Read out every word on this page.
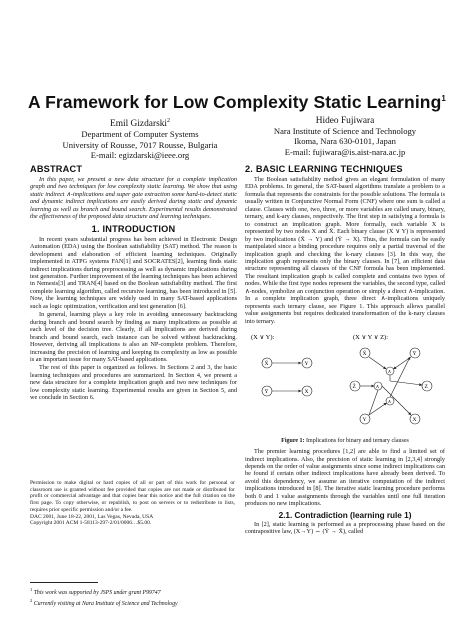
A Framework for Low Complexity Static Learning$^1$
Emil Gizdarski$^2$
Department of Computer Systems
University of Rousse, 7017 Rousse, Bulgaria
E-mail: egizdarski@ieee.org
Hideo Fujiwara
Nara Institute of Science and Technology
Ikoma, Nara 630-0101, Japan
E-mail: fujiwara@is.aist-nara.ac.jp
ABSTRACT

In this paper, we present a new data structure for a complete implication graph and two techniques for low complexity static learning. We show that using static indirect ∧-implications and super gate extraction some hard-to-detect static and dynamic indirect implications are easily derived during static and dynamic learning as well as branch and bound search. Experimental results demonstrated the effectiveness of the proposed data structure and learning techniques.

1. INTRODUCTION

In recent years substantial progress has been achieved in Electronic Design Automation (EDA) using the Boolean satisfiability (SAT) method. The reason is development and elaboration of efficient learning techniques. Originally implemented in ATPG systems FAN[1] and SOCRATES[2], learning finds static indirect implications during preprocessing as well as dynamic implications during test generation. Further improvement of the learning techniques has been achieved in Nemesis[3] and TRAN[4] based on the Boolean satisfiability method. The first complete learning algorithm, called recursive learning, has been introduced in [5]. Now, the learning techniques are widely used in many SAT-based applications such as logic optimization, verification and test generation [6].

In general, learning plays a key role in avoiding unnecessary backtracking during branch and bound search by finding as many implications as possible at each level of the decision tree. Clearly, if all implications are derived during branch and bound search, each instance can be solved without backtracking. However, deriving all implications is also an NP-complete problem. Therefore, increasing the precision of learning and keeping its complexity as low as possible is an important issue for many SAT-based applications.

The rest of this paper is organized as follows. In Sections 2 and 3, the basic learning techniques and procedures are summarized. In Section 4, we present a new data structure for a complete implication graph and two new techniques for low complexity static learning. Experimental results are given in Section 5, and we conclude in Section 6.

Permission to make digital or hard copies of all or part of this work for personal or classroom use is granted without fee provided that copies are not made or distributed for profit or commercial advantage and that copies bear this notice and the full citation on the first page. To copy otherwise, or republish, to post on servers or to redistribute to lists, requires prior specific permission and/or a fee.
DAC 2001, June 18-22, 2001, Las Vegas, Nevada, USA
Copyright 2001 ACM 1-58113-297-2/01/0006…$5.00.
$^1$ This work was supported by JSPS under grant P99747
$^2$ Currently visiting at Nara Institute of Science and Technology
2. BASIC LEARNING TECHNIQUES

The Boolean satisfiability method gives an elegant formulation of many EDA problems. In general, the SAT-based algorithms translate a problem to a formula that represents the constraints for the possible solutions. The formula is usually written in Conjunctive Normal Form (CNF) where one sum is called a clause. Clauses with one, two, three, or more variables are called unary, binary, ternary, and k-ary clauses, respectively. The first step in satisfying a formula is to construct an implication graph. More formally, each variable X is represented by two nodes X and X̄. Each binary clause (X ∨ Y) is represented by two implications (X̄ → Y) and (Ȳ → X). Thus, the formula can be easily manipulated since a binding procedure requires only a partial traversal of the implication graph and checking the k-nary clauses [3]. In this way, the implication graph represents only the binary clauses. In [7], an efficient data structure representing all clauses of the CNF formula has been implemented. The resultant implication graph is called complete and contains two types of nodes. While the first type nodes represent the variables, the second type, called ∧-nodes, symbolize an conjunction operation or simply a direct ∧-implication. In a complete implication graph, three direct ∧-implications uniquely represents each ternary clause, see Figure 1. This approach allows parallel value assignments but requires dedicated transformation of the k-nary clauses into ternary.

(X ∨ Y):	(X ∨ Y ∨ Z):
X̄	Y
Ȳ	X
X̄	Ȳ
Y	X
Z̄	Z
∧
∧
∧
Figure 1: Implications for binary and ternary clauses

The premier learning procedures [1,2] are able to find a limited set of indirect implications. Also, the precision of static learning in [2,3,4] strongly depends on the order of value assignments since some indirect implications can be found if certain other indirect implications have already been derived. To avoid this dependency, we assume an iterative computation of the indirect implications introduced in [8]. The iterative static learning procedure performs both 0 and 1 value assignments through the variables until one full iteration produces no new implications.

2.1. Contradiction (learning rule 1)

In [2], static learning is performed as a preprocessing phase based on the contrapositive law, (X→Y) ⇔ (Ȳ → X̄), called
